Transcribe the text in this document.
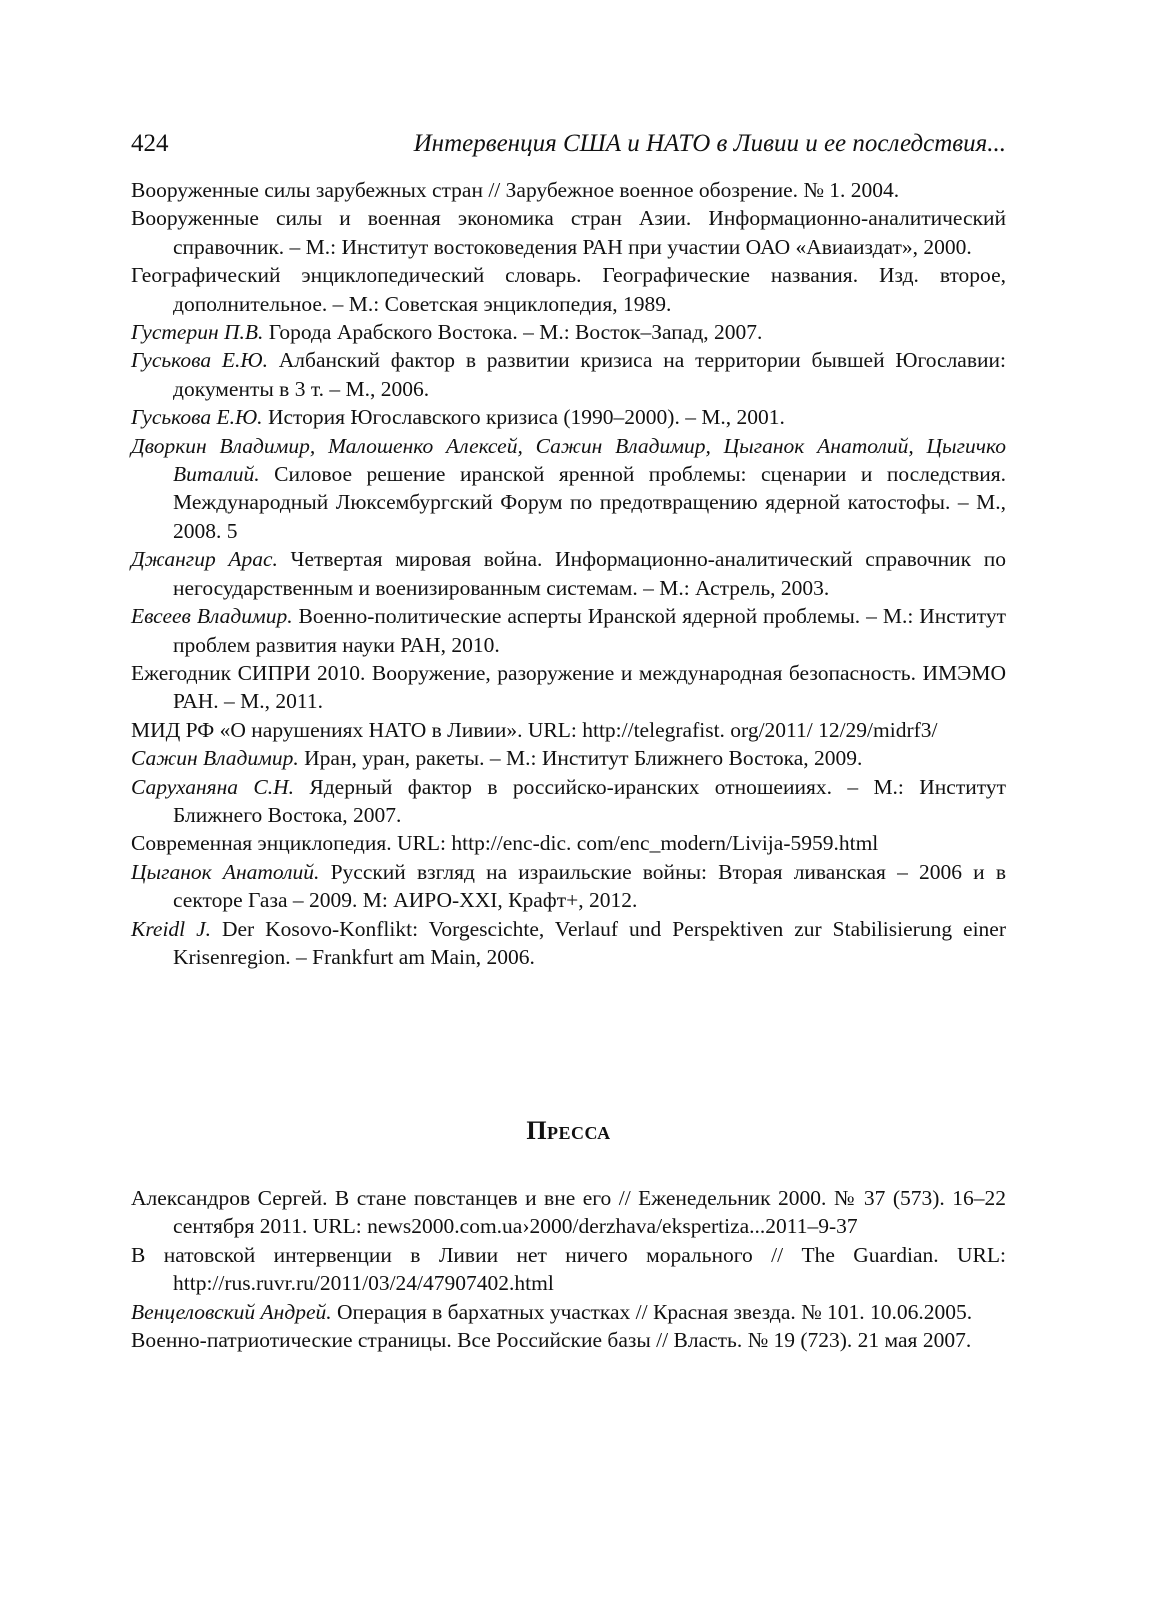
424	Интервенция США и НАТО в Ливии и ее последствия...

Вооруженные силы зарубежных стран // Зарубежное военное обозрение. № 1. 2004.

Вооруженные силы и военная экономика стран Азии. Информационно-аналитический справочник. – М.: Институт востоковедения РАН при участии ОАО «Авиаиздат», 2000.

Географический энциклопедический словарь. Географические названия. Изд. второе, дополнительное. – М.: Советская энциклопедия, 1989.

Густерин П.В. Города Арабского Востока. – М.: Восток–Запад, 2007.

Гуськова Е.Ю. Албанский фактор в развитии кризиса на территории бывшей Югославии: документы в 3 т. – М., 2006.

Гуськова Е.Ю. История Югославского кризиса (1990–2000). – М., 2001.

Дворкин Владимир, Малошенко Алексей, Сажин Владимир, Цыганок Анатолий, Цыгичко Виталий. Силовое решение иранской яренной проблемы: сценарии и последствия. Международный Люксембургский Форум по предотвращению ядерной катостофы. – М., 2008. 5

Джангир Арас. Четвертая мировая война. Информационно-аналитический справочник по негосударственным и военизированным системам. – М.: Астрель, 2003.

Евсеев Владимир. Военно-политические асперты Иранской ядерной проблемы. – М.: Институт проблем развития науки РАН, 2010.

Ежегодник СИПРИ 2010. Вооружение, разоружение и международная безопасность. ИМЭМО РАН. – М., 2011.

МИД РФ «О нарушениях НАТО в Ливии». URL: http://telegrafist. org/2011/ 12/29/midrf3/

Сажин Владимир. Иран, уран, ракеты. – М.: Институт Ближнего Востока, 2009.

Саруханяна С.Н. Ядерный фактор в российско-иранских отношеииях. – М.: Институт Ближнего Востока, 2007.

Современная энциклопедия. URL: http://enc-dic. com/enc_modern/Livija-5959.html

Цыганок Анатолий. Русский взгляд на израильские войны: Вторая ливанская – 2006 и в секторе Газа – 2009. М: АИРО-XXI, Крафт+, 2012.

Kreidl J. Der Kosovo-Konflikt: Vorgescichte, Verlauf und Perspektiven zur Stabilisierung einer Krisenregion. – Frankfurt am Main, 2006.

Пресса

Александров Сергей. В стане повстанцев и вне его // Еженедельник 2000. № 37 (573). 16–22 сентября 2011. URL: news2000.com.ua›2000/derzhava/ekspertiza...2011–9-37

В натовской интервенции в Ливии нет ничего морального // The Guardian. URL: http://rus.ruvr.ru/2011/03/24/47907402.html

Венцеловский Андрей. Операция в бархатных участках // Красная звезда. № 101. 10.06.2005.

Военно-патриотические страницы. Все Российские базы // Власть. № 19 (723). 21 мая 2007.
